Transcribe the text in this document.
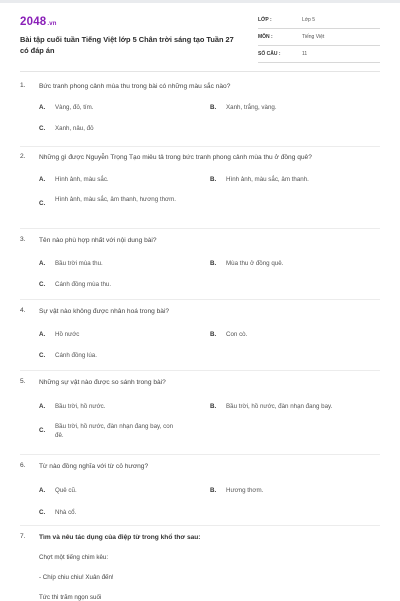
2048.vn
Bài tập cuối tuần Tiếng Việt lớp 5 Chân trời sáng tạo Tuần 27 có đáp án
LỚP :	Lớp 5
MÔN :	Tiếng Việt
SỐ CÂU :	11
1. Bức tranh phong cảnh mùa thu trong bài có những màu sắc nào?
A. Vàng, đỏ, tím.	B. Xanh, trắng, vàng.
C. Xanh, nâu, đỏ
2. Những gì được Nguyễn Trọng Tạo miêu tả trong bức tranh phong cảnh mùa thu ở đồng quê?
A. Hình ảnh, màu sắc.	B. Hình ảnh, màu sắc, âm thanh.
C.
Hình ảnh, màu sắc, âm thanh, hương thơm.
3. Tên nào phù hợp nhất với nội dung bài?
A. Bầu trời mùa thu.	B. Mùa thu ở đồng quê.
C. Cánh đồng mùa thu.
4. Sự vật nào không được nhân hoá trong bài?
A. Hồ nước	B. Con cò.
C. Cánh đồng lúa.
5. Những sự vật nào được so sánh trong bài?
A. Bầu trời, hồ nước.	B. Bầu trời, hồ nước, đàn nhạn đang bay.
C.
Bầu trời, hồ nước, đàn nhạn đang bay, con đê.
6. Từ nào đồng nghĩa với từ cỏ hương?
A. Quê cũ.	B. Hương thơm.
C. Nhà cổ.
7. Tìm và nêu tác dụng của điệp từ trong khổ thơ sau:
Chợt một tiếng chim kêu:
- Chíp chiu chiu! Xuân đến!
Tức thì trăm ngọn suối
